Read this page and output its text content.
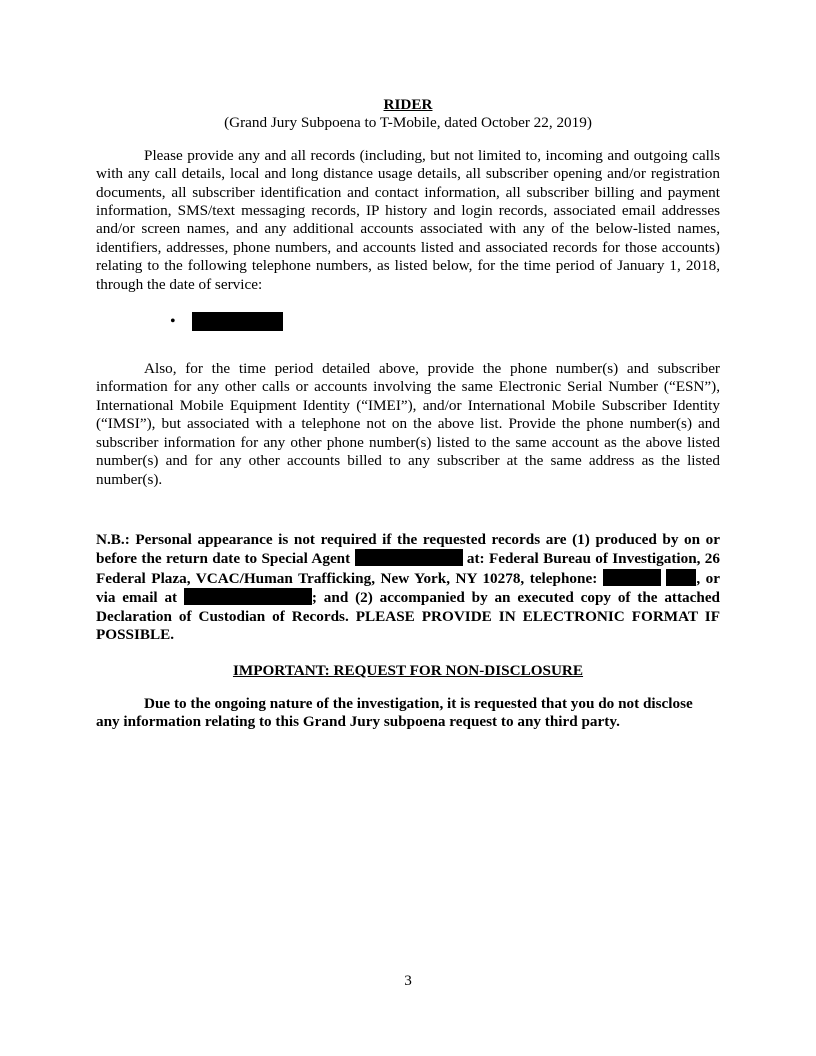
RIDER
(Grand Jury Subpoena to T-Mobile, dated October 22, 2019)

Please provide any and all records (including, but not limited to, incoming and outgoing calls with any call details, local and long distance usage details, all subscriber opening and/or registration documents, all subscriber identification and contact information, all subscriber billing and payment information, SMS/text messaging records, IP history and login records, associated email addresses and/or screen names, and any additional accounts associated with any of the below-listed names, identifiers, addresses, phone numbers, and accounts listed and associated records for those accounts) relating to the following telephone numbers, as listed below, for the time period of January 1, 2018, through the date of service:

•

Also, for the time period detailed above, provide the phone number(s) and subscriber information for any other calls or accounts involving the same Electronic Serial Number (“ESN”), International Mobile Equipment Identity (“IMEI”), and/or International Mobile Subscriber Identity (“IMSI”), but associated with a telephone not on the above list. Provide the phone number(s) and subscriber information for any other phone number(s) listed to the same account as the above listed number(s) and for any other accounts billed to any subscriber at the same address as the listed number(s).

N.B.: Personal appearance is not required if the requested records are (1) produced by on or before the return date to Special Agent	at: Federal Bureau of Investigation, 26 Federal Plaza, VCAC/Human Trafficking, New York, NY 10278, telephone:	, or via email at	; and (2) accompanied by an executed copy of the attached Declaration of Custodian of Records. PLEASE PROVIDE IN ELECTRONIC FORMAT IF POSSIBLE.

IMPORTANT: REQUEST FOR NON-DISCLOSURE

Due to the ongoing nature of the investigation, it is requested that you do not disclose any information relating to this Grand Jury subpoena request to any third party.

3
